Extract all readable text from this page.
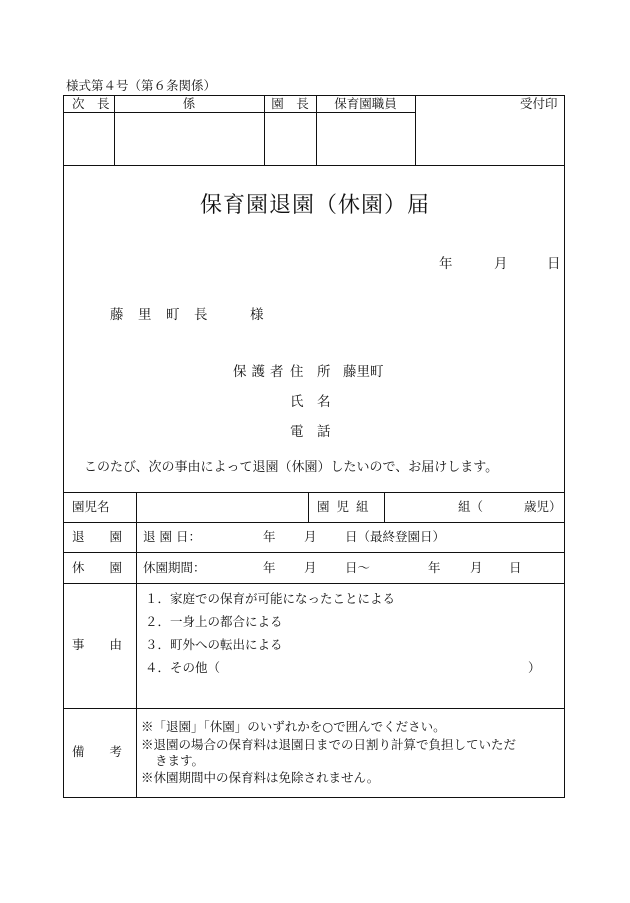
様式第４号（第６条関係）
次　長	係	園　長	保育園職員	受付印
保育園退園（休園）届
年	月	日
藤 里 町 長	様
保護者 住　所 藤里町
氏　名
電　話
このたび、次の事由によって退園（休園）したいので、お届けします。
園児名	園児組	組（	歳児）
退　　園	退 園 日：	年 月 日（最終登園日）
休　　園	休園期間：	年 月 日〜	年 月 日
事　　由
１．家庭での保育が可能になったことによる
２．一身上の都合による
３．町外への転出による
４．その他（	）
備　　考
※「退園」「休園」のいずれかを○で囲んでください。
※退園の場合の保育料は退園日までの日割り計算で負担していただ
きます。
※休園期間中の保育料は免除されません。
